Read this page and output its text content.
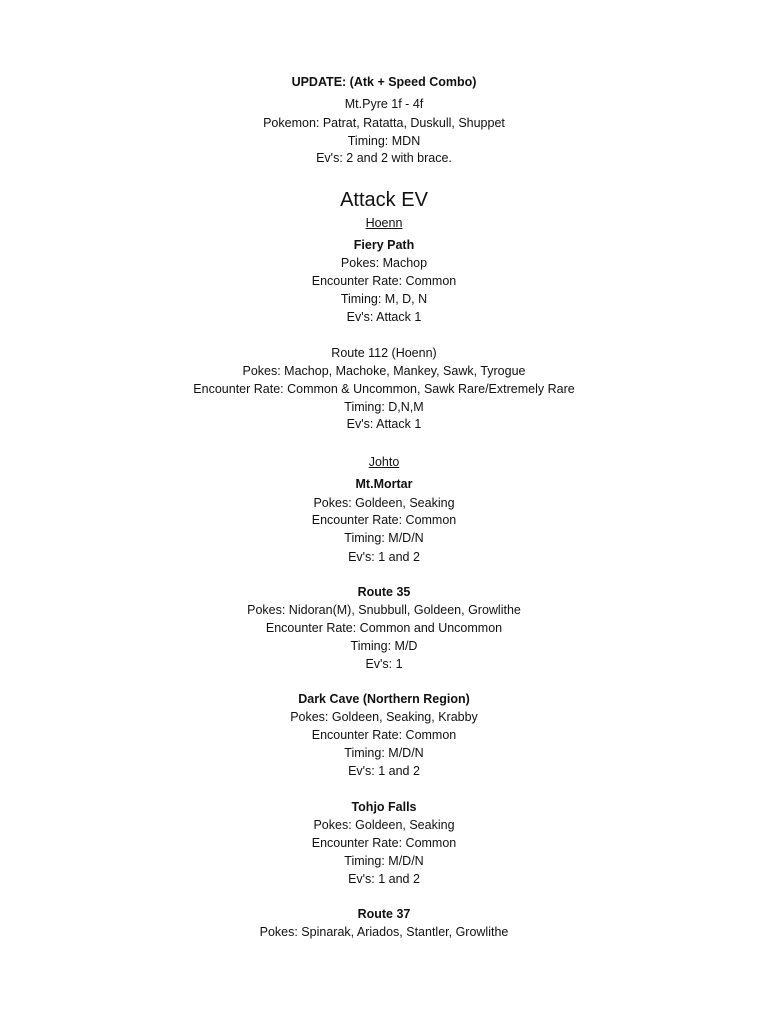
UPDATE: (Atk + Speed Combo)
Mt.Pyre 1f - 4f
Pokemon: Patrat, Ratatta, Duskull, Shuppet
Timing: MDN
Ev's: 2 and 2 with brace.
Attack EV
Hoenn
Fiery Path
Pokes: Machop
Encounter Rate: Common
Timing: M, D, N
Ev's: Attack 1
Route 112 (Hoenn)
Pokes: Machop, Machoke, Mankey, Sawk, Tyrogue
Encounter Rate: Common & Uncommon, Sawk Rare/Extremely Rare
Timing: D,N,M
Ev's: Attack 1
Johto
Mt.Mortar
Pokes: Goldeen, Seaking
Encounter Rate: Common
Timing: M/D/N
Ev's: 1 and 2
Route 35
Pokes: Nidoran(M), Snubbull, Goldeen, Growlithe
Encounter Rate: Common and Uncommon
Timing: M/D
Ev's: 1
Dark Cave (Northern Region)
Pokes: Goldeen, Seaking, Krabby
Encounter Rate: Common
Timing: M/D/N
Ev's: 1 and 2
Tohjo Falls
Pokes: Goldeen, Seaking
Encounter Rate: Common
Timing: M/D/N
Ev's: 1 and 2
Route 37
Pokes: Spinarak, Ariados, Stantler, Growlithe
